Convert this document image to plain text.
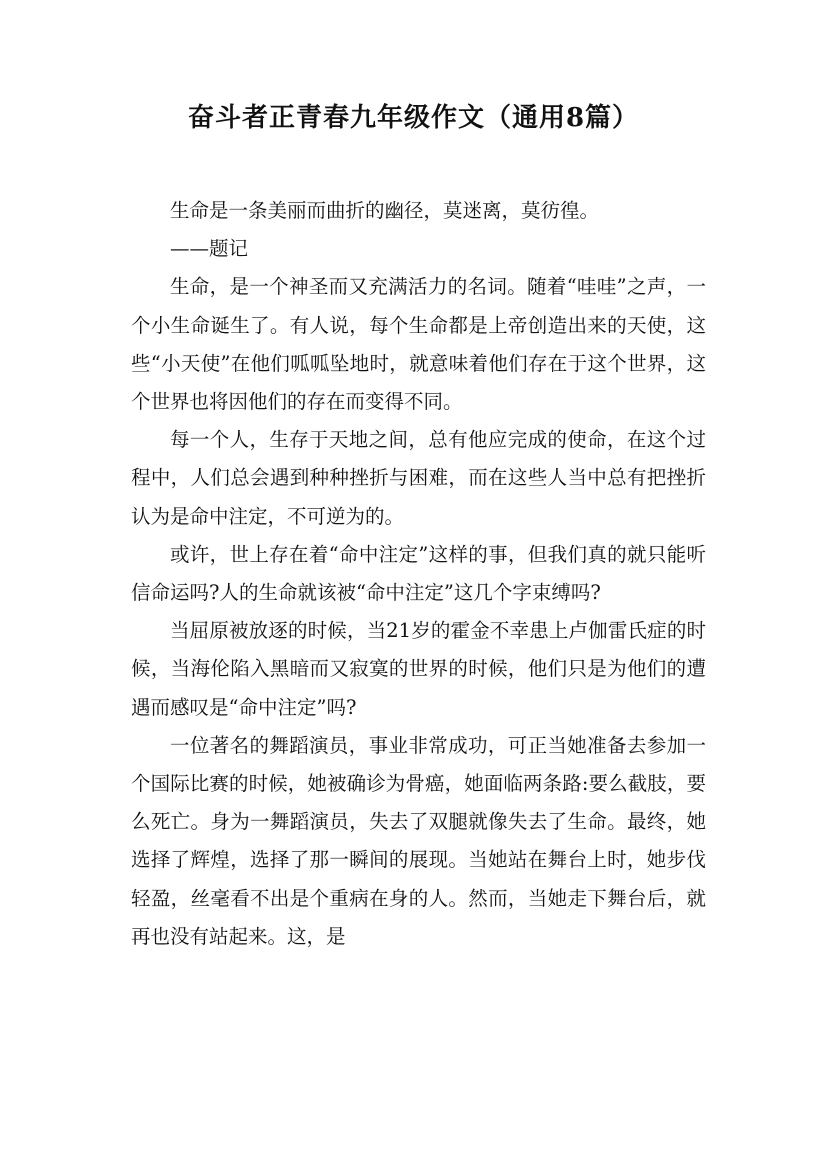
奋斗者正青春九年级作文（通用8篇）

生命是一条美丽而曲折的幽径，莫迷离，莫彷徨。

——题记

生命，是一个神圣而又充满活力的名词。随着“哇哇”之声，一个小生命诞生了。有人说，每个生命都是上帝创造出来的天使，这些“小天使”在他们呱呱坠地时，就意味着他们存在于这个世界，这个世界也将因他们的存在而变得不同。

每一个人，生存于天地之间，总有他应完成的使命，在这个过程中，人们总会遇到种种挫折与困难，而在这些人当中总有把挫折认为是命中注定，不可逆为的。

或许，世上存在着“命中注定”这样的事，但我们真的就只能听信命运吗?人的生命就该被“命中注定”这几个字束缚吗?

当屈原被放逐的时候，当21岁的霍金不幸患上卢伽雷氏症的时候，当海伦陷入黑暗而又寂寞的世界的时候，他们只是为他们的遭遇而感叹是“命中注定”吗?

一位著名的舞蹈演员，事业非常成功，可正当她准备去参加一个国际比赛的时候，她被确诊为骨癌，她面临两条路:要么截肢，要么死亡。身为一舞蹈演员，失去了双腿就像失去了生命。最终，她选择了辉煌，选择了那一瞬间的展现。当她站在舞台上时，她步伐轻盈，丝毫看不出是个重病在身的人。然而，当她走下舞台后，就再也没有站起来。这，是
